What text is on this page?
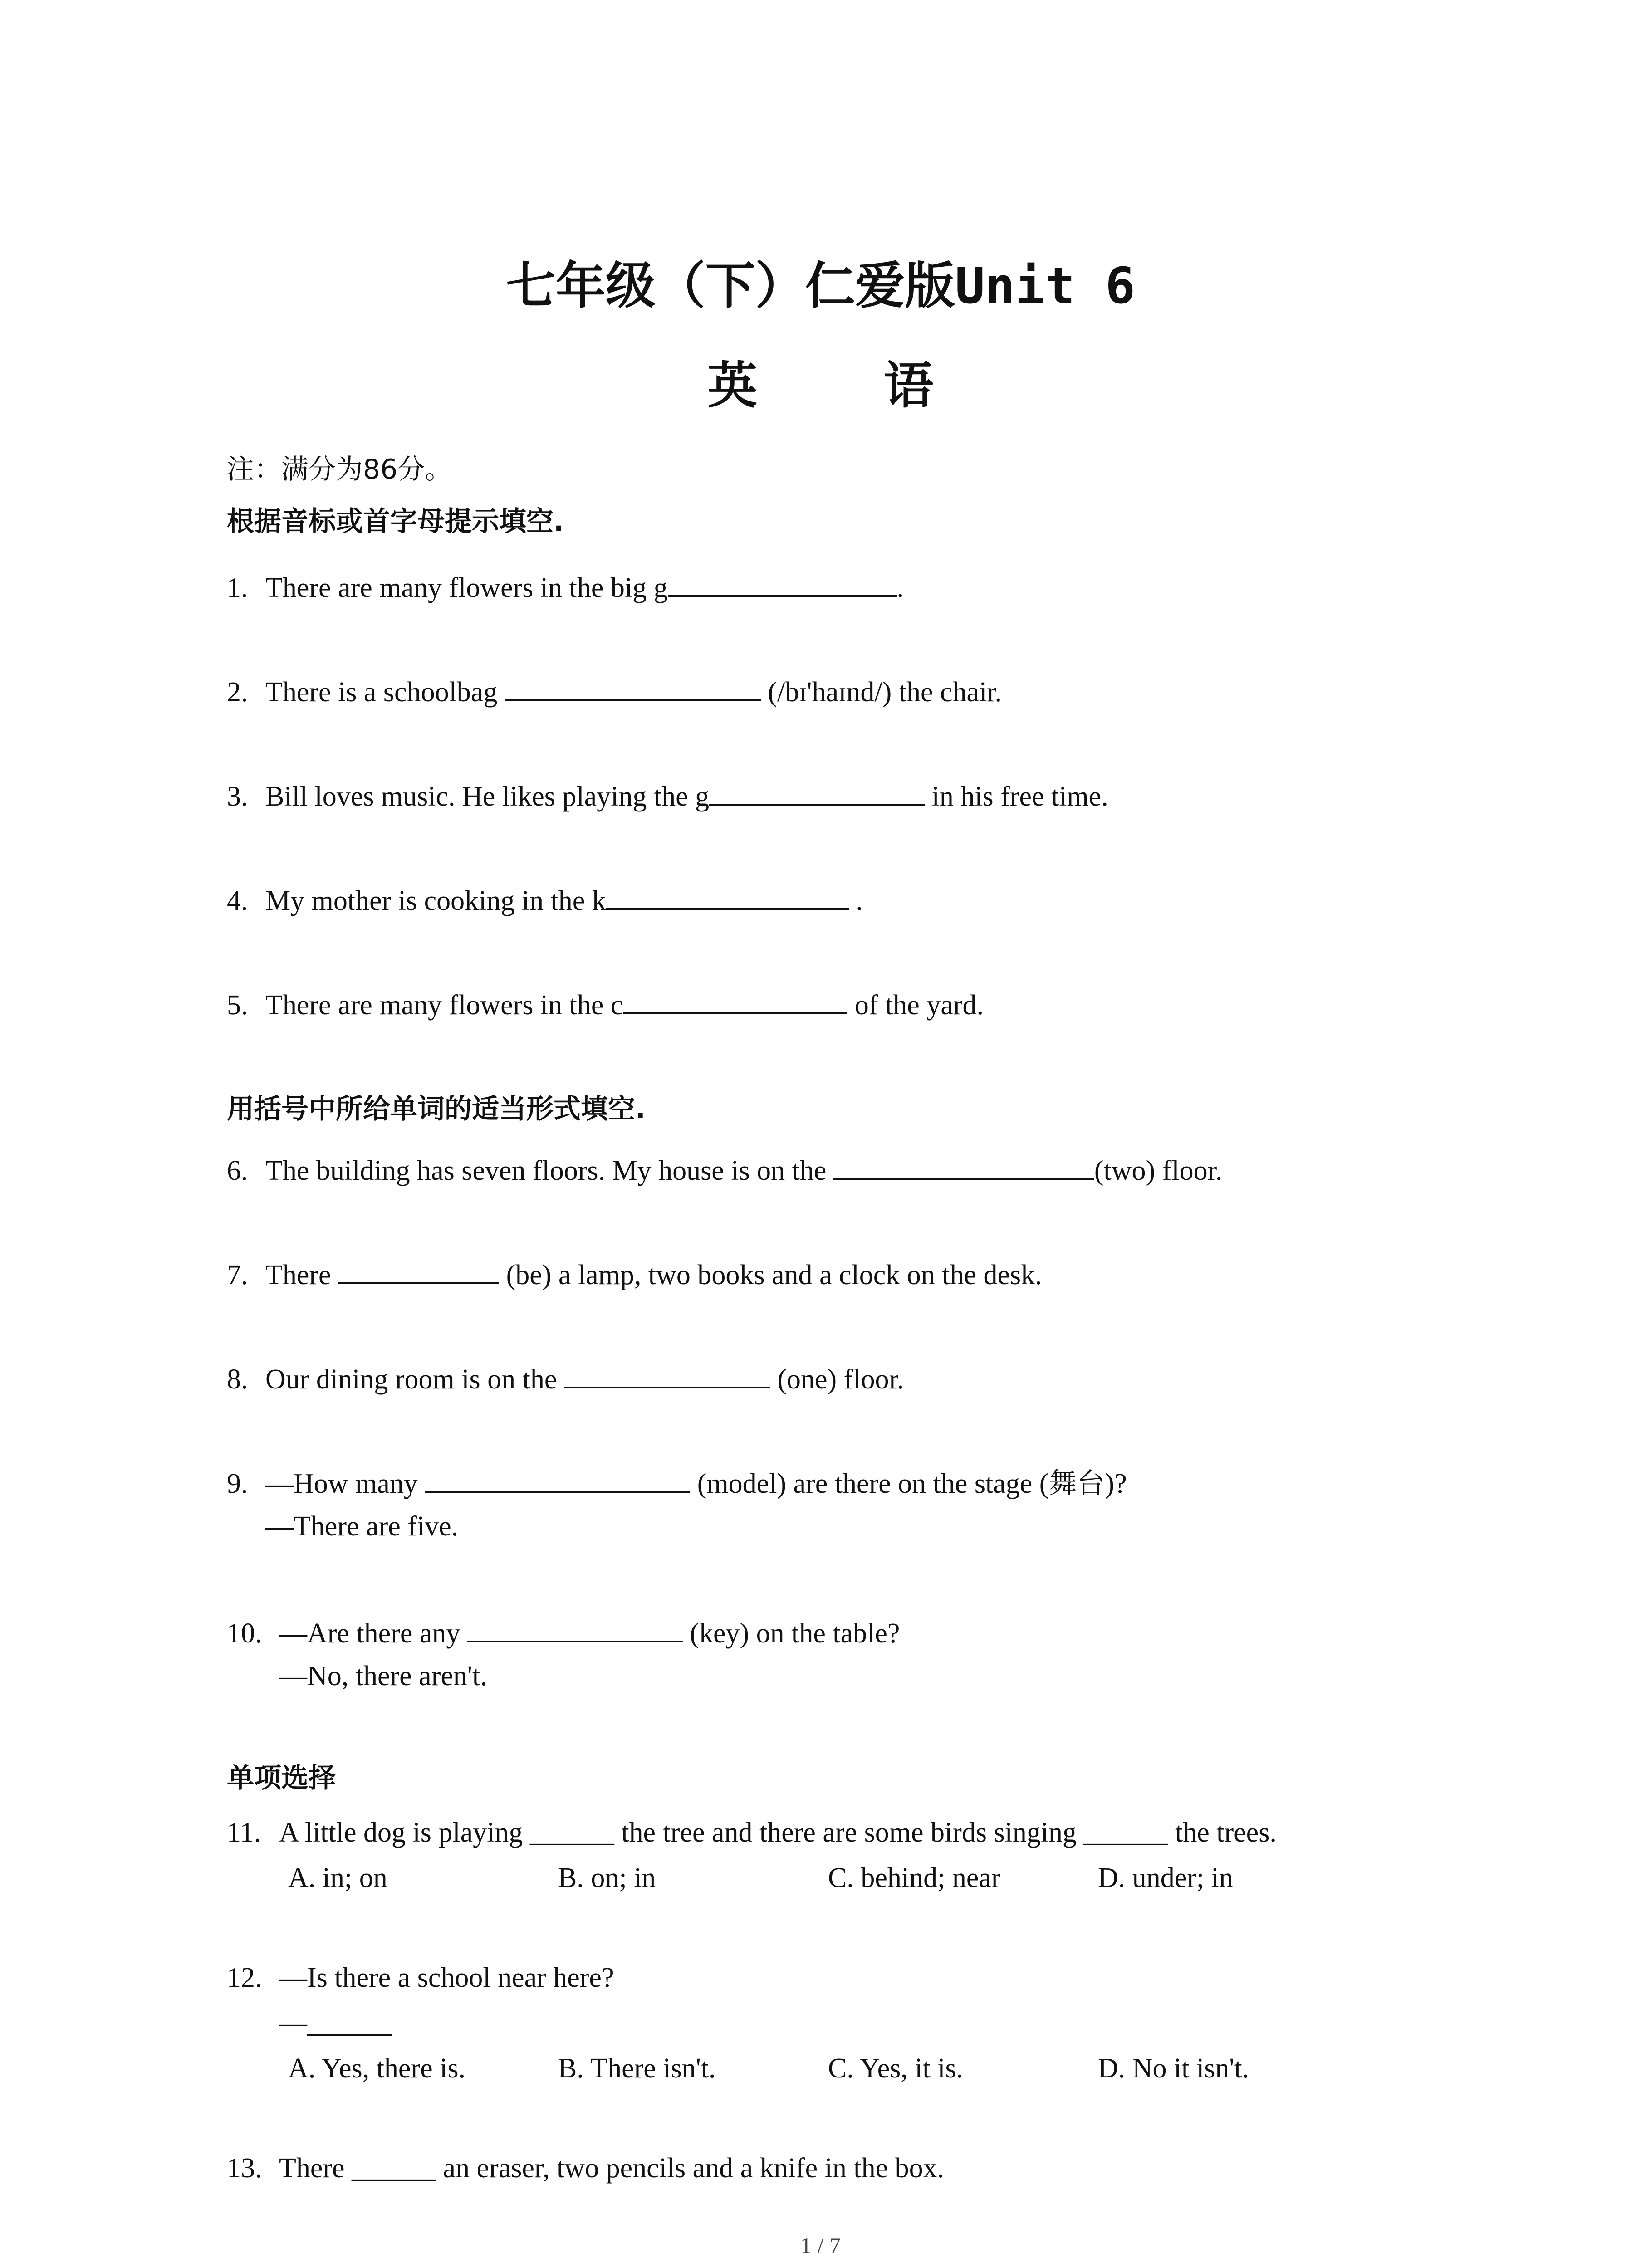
七年级（下）仁爱版Unit 6
英 语
注：满分为86分。
根据音标或首字母提示填空.
1. There are many flowers in the big g	.
2. There is a schoolbag	(/bɪ'haɪnd/) the chair.
3. Bill loves music. He likes playing the g	in his free time.
4. My mother is cooking in the k	.
5. There are many flowers in the c	of the yard.
用括号中所给单词的适当形式填空.
6. The building has seven floors. My house is on the	(two) floor.
7. There	(be) a lamp, two books and a clock on the desk.
8. Our dining room is on the	(one) floor.
9. —How many	(model) are there on the stage (舞台)?
—There are five.
10. —Are there any	(key) on the table?
—No, there aren't.
单项选择
11. A little dog is playing ______ the tree and there are some birds singing ______ the trees.
A. in; on	B. on; in	C. behind; near	D. under; in
12. —Is there a school near here?
—______
A. Yes, there is.	B. There isn't.	C. Yes, it is.	D. No it isn't.
13. There ______ an eraser, two pencils and a knife in the box.
1 / 7
